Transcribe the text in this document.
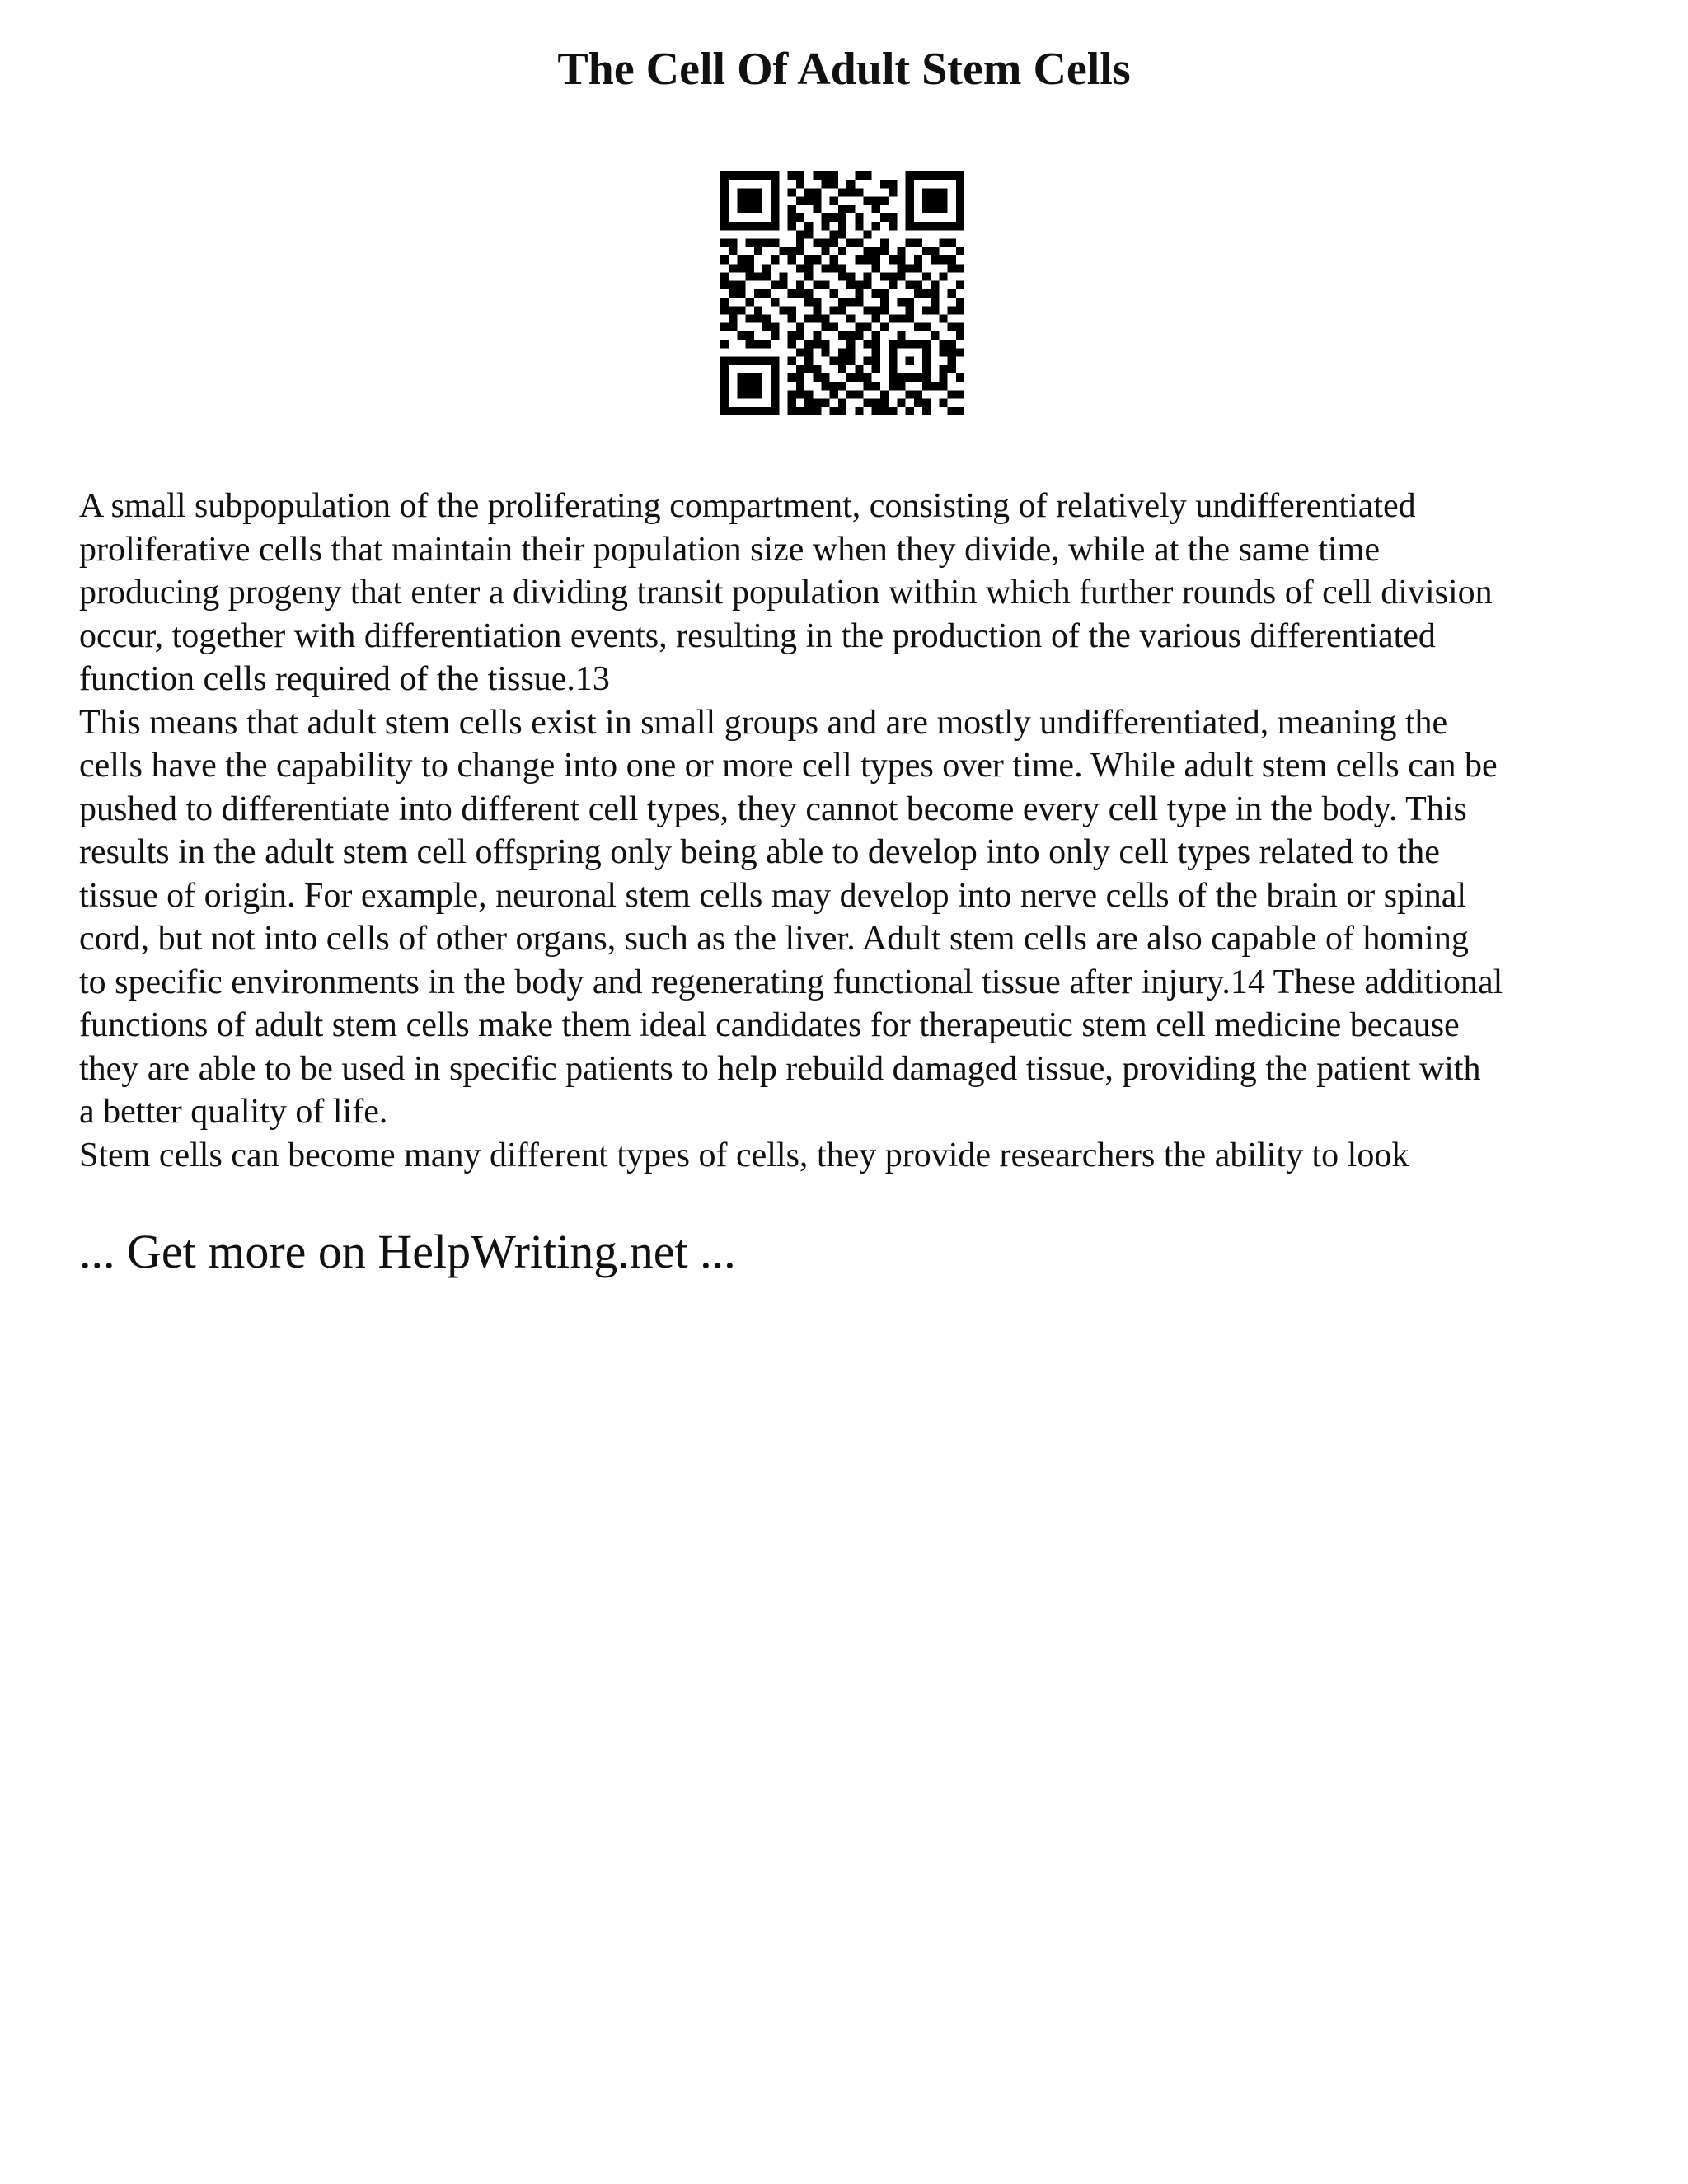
The Cell Of Adult Stem Cells

A small subpopulation of the proliferating compartment, consisting of relatively undifferentiated
proliferative cells that maintain their population size when they divide, while at the same time
producing progeny that enter a dividing transit population within which further rounds of cell division
occur, together with differentiation events, resulting in the production of the various differentiated
function cells required of the tissue.13

This means that adult stem cells exist in small groups and are mostly undifferentiated, meaning the
cells have the capability to change into one or more cell types over time. While adult stem cells can be
pushed to differentiate into different cell types, they cannot become every cell type in the body. This
results in the adult stem cell offspring only being able to develop into only cell types related to the
tissue of origin. For example, neuronal stem cells may develop into nerve cells of the brain or spinal
cord, but not into cells of other organs, such as the liver. Adult stem cells are also capable of homing
to specific environments in the body and regenerating functional tissue after injury.14 These additional
functions of adult stem cells make them ideal candidates for therapeutic stem cell medicine because
they are able to be used in specific patients to help rebuild damaged tissue, providing the patient with
a better quality of life.

Stem cells can become many different types of cells, they provide researchers the ability to look

... Get more on HelpWriting.net ...
